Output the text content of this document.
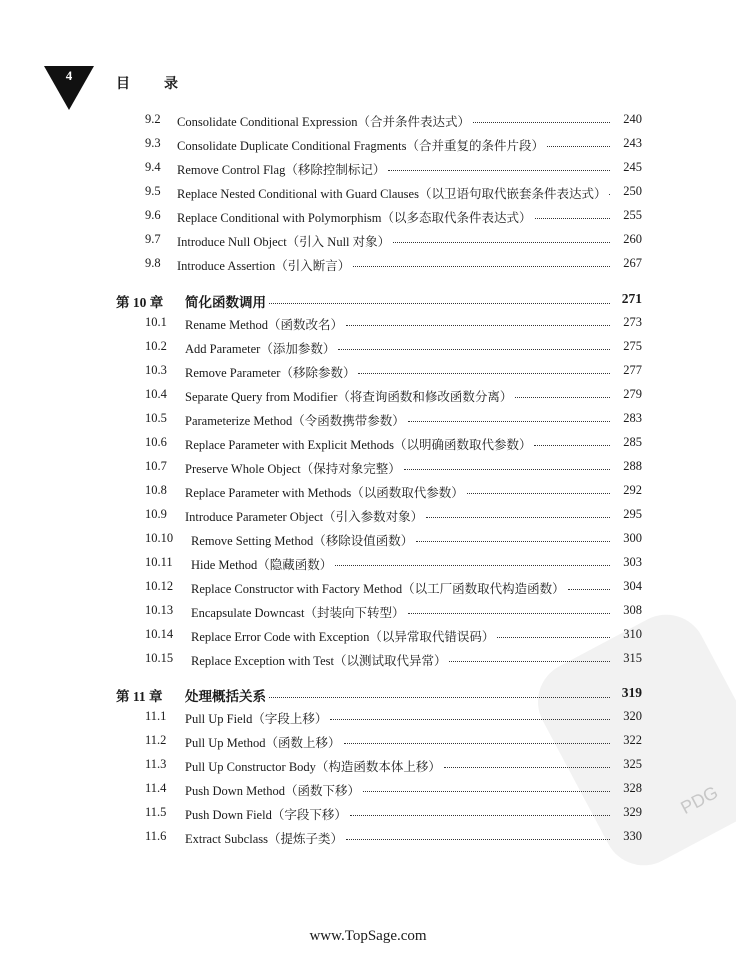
4
目录
PDG
9.2 Consolidate Conditional Expression（合并条件表达式）	240
9.3 Consolidate Duplicate Conditional Fragments（合并重复的条件片段）	243
9.4 Remove Control Flag（移除控制标记）	245
9.5 Replace Nested Conditional with Guard Clauses（以卫语句取代嵌套条件表达式）	250
9.6 Replace Conditional with Polymorphism（以多态取代条件表达式）	255
9.7 Introduce Null Object（引入 Null 对象）	260
9.8 Introduce Assertion（引入断言）	267
第 10 章 简化函数调用	271
10.1 Rename Method（函数改名）	273
10.2 Add Parameter（添加参数）	275
10.3 Remove Parameter（移除参数）	277
10.4 Separate Query from Modifier（将查询函数和修改函数分离）	279
10.5 Parameterize Method（令函数携带参数）	283
10.6 Replace Parameter with Explicit Methods（以明确函数取代参数）	285
10.7 Preserve Whole Object（保持对象完整）	288
10.8 Replace Parameter with Methods（以函数取代参数）	292
10.9 Introduce Parameter Object（引入参数对象）	295
10.10 Remove Setting Method（移除设值函数）	300
10.11 Hide Method（隐藏函数）	303
10.12 Replace Constructor with Factory Method（以工厂函数取代构造函数）	304
10.13 Encapsulate Downcast（封装向下转型）	308
10.14 Replace Error Code with Exception（以异常取代错误码）	310
10.15 Replace Exception with Test（以测试取代异常）	315
第 11 章 处理概括关系	319
11.1 Pull Up Field（字段上移）	320
11.2 Pull Up Method（函数上移）	322
11.3 Pull Up Constructor Body（构造函数本体上移）	325
11.4 Push Down Method（函数下移）	328
11.5 Push Down Field（字段下移）	329
11.6 Extract Subclass（提炼子类）	330
www.TopSage.com
